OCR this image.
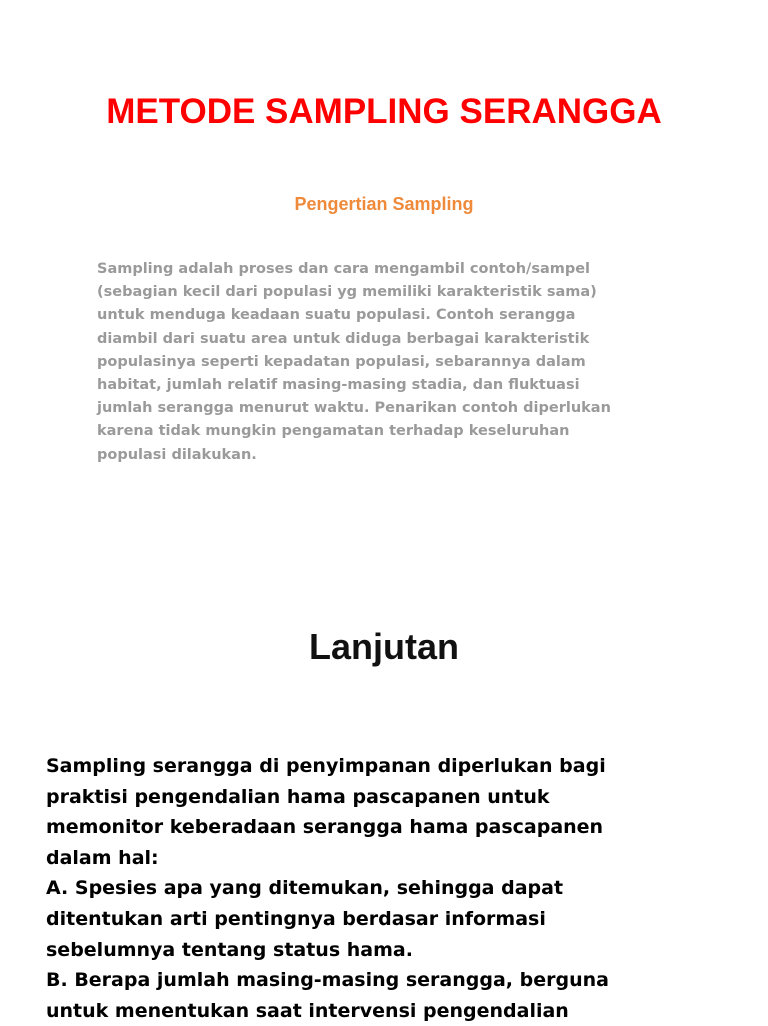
METODE SAMPLING SERANGGA
Pengertian Sampling

Sampling adalah proses dan cara mengambil contoh/sampel
(sebagian kecil dari populasi yg memiliki karakteristik sama)
untuk menduga keadaan suatu populasi. Contoh serangga
diambil dari suatu area untuk diduga berbagai karakteristik
populasinya seperti kepadatan populasi, sebarannya dalam
habitat, jumlah relatif masing-masing stadia, dan fluktuasi
jumlah serangga menurut waktu. Penarikan contoh diperlukan
karena tidak mungkin pengamatan terhadap keseluruhan
populasi dilakukan.

Lanjutan

Sampling serangga di penyimpanan diperlukan bagi
praktisi pengendalian hama pascapanen untuk
memonitor keberadaan serangga hama pascapanen
dalam hal:
A. Spesies apa yang ditemukan, sehingga dapat
ditentukan arti pentingnya berdasar informasi
sebelumnya tentang status hama.
B. Berapa jumlah masing-masing serangga, berguna
untuk menentukan saat intervensi pengendalian
